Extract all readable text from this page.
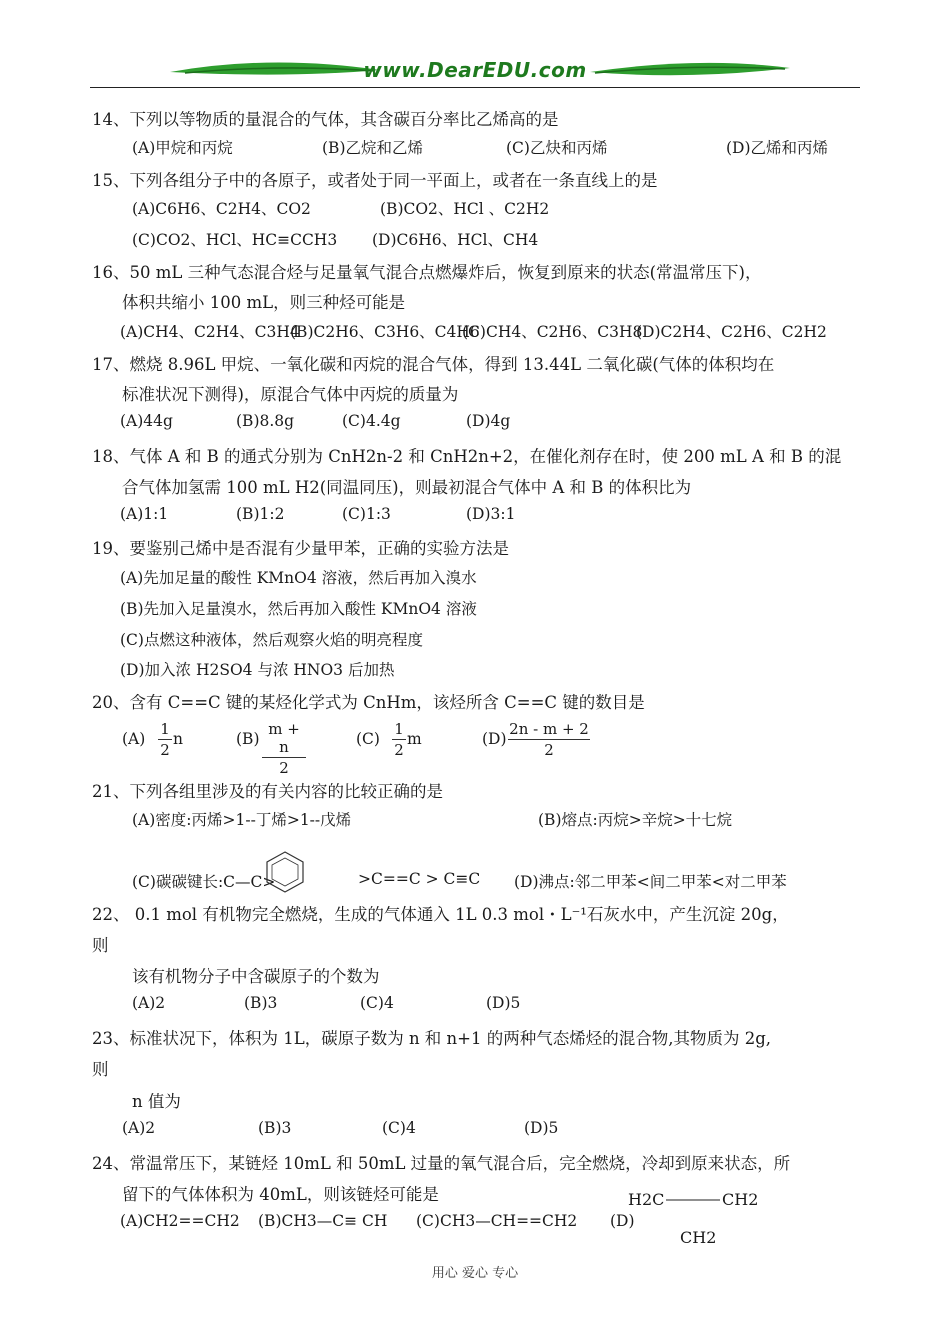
www.DearEDU.com
14、下列以等物质的量混合的气体，其含碳百分率比乙烯高的是
(A)甲烷和丙烷	(B)乙烷和乙烯	(C)乙炔和丙烯	(D)乙烯和丙烯
15、下列各组分子中的各原子，或者处于同一平面上，或者在一条直线上的是
(A)C6H6、C2H4、CO2	(B)CO2、HCl 、C2H2
(C)CO2、HCl、HC≡CCH3 (D)C6H6、HCl、CH4
16、50 mL 三种气态混合烃与足量氧气混合点燃爆炸后，恢复到原来的状态(常温常压下)，
体积共缩小 100 mL，则三种烃可能是
(A)CH4、C2H4、C3H4
(B)C2H6、C3H6、C4H6
(C)CH4、C2H6、C3H8
(D)C2H4、C2H6、C2H2
17、燃烧 8.96L 甲烷、一氧化碳和丙烷的混合气体，得到 13.44L 二氧化碳(气体的体积均在
标准状况下测得)，原混合气体中丙烷的质量为
(A)44g	(B)8.8g	(C)4.4g	(D)4g
18、气体 A 和 B 的通式分别为 CnH2n-2 和 CnH2n+2，在催化剂存在时，使 200 mL A 和 B 的混
合气体加氢需 100 mL H2(同温同压)，则最初混合气体中 A 和 B 的体积比为
(A)1:1	(B)1:2	(C)1:3	(D)3:1
19、要鉴别己烯中是否混有少量甲苯，正确的实验方法是
(A)先加足量的酸性 KMnO4 溶液，然后再加入溴水
(B)先加入足量溴水，然后再加入酸性 KMnO4 溶液
(C)点燃这种液体，然后观察火焰的明亮程度
(D)加入浓 H2SO4 与浓 HNO3 后加热
20、含有 C==C 键的某烃化学式为 CnHm，该烃所含 C==C 键的数目是
(A)
1
2
n	(B)
m + n
2
(C)
1
2
m	(D)
2n - m + 2
2
21、下列各组里涉及的有关内容的比较正确的是
(A)密度:丙烯>1--丁烯>1--戊烯	(B)熔点:丙烷>辛烷>十七烷
(C)碳碳键长:C—C>	>C==C > C≡C (D)沸点:邻二甲苯<间二甲苯<对二甲苯
22、 0.1 mol 有机物完全燃烧，生成的气体通入 1L 0.3 mol・L⁻¹石灰水中，产生沉淀 20g，
则
该有机物分子中含碳原子的个数为
(A)2	(B)3	(C)4	(D)5
23、标准状况下，体积为 1L，碳原子数为 n 和 n+1 的两种气态烯烃的混合物,其物质为 2g,
则
n 值为
(A)2	(B)3	(C)4	(D)5
24、常温常压下，某链烃 10mL 和 50mL 过量的氧气混合后，完全燃烧，冷却到原来状态，所
留下的气体体积为 40mL，则该链烃可能是
(A)CH2==CH2 (B)CH3—C≡ CH (C)CH3—CH==CH2 (D)
H2C	CH2
CH2
用心 爱心 专心
